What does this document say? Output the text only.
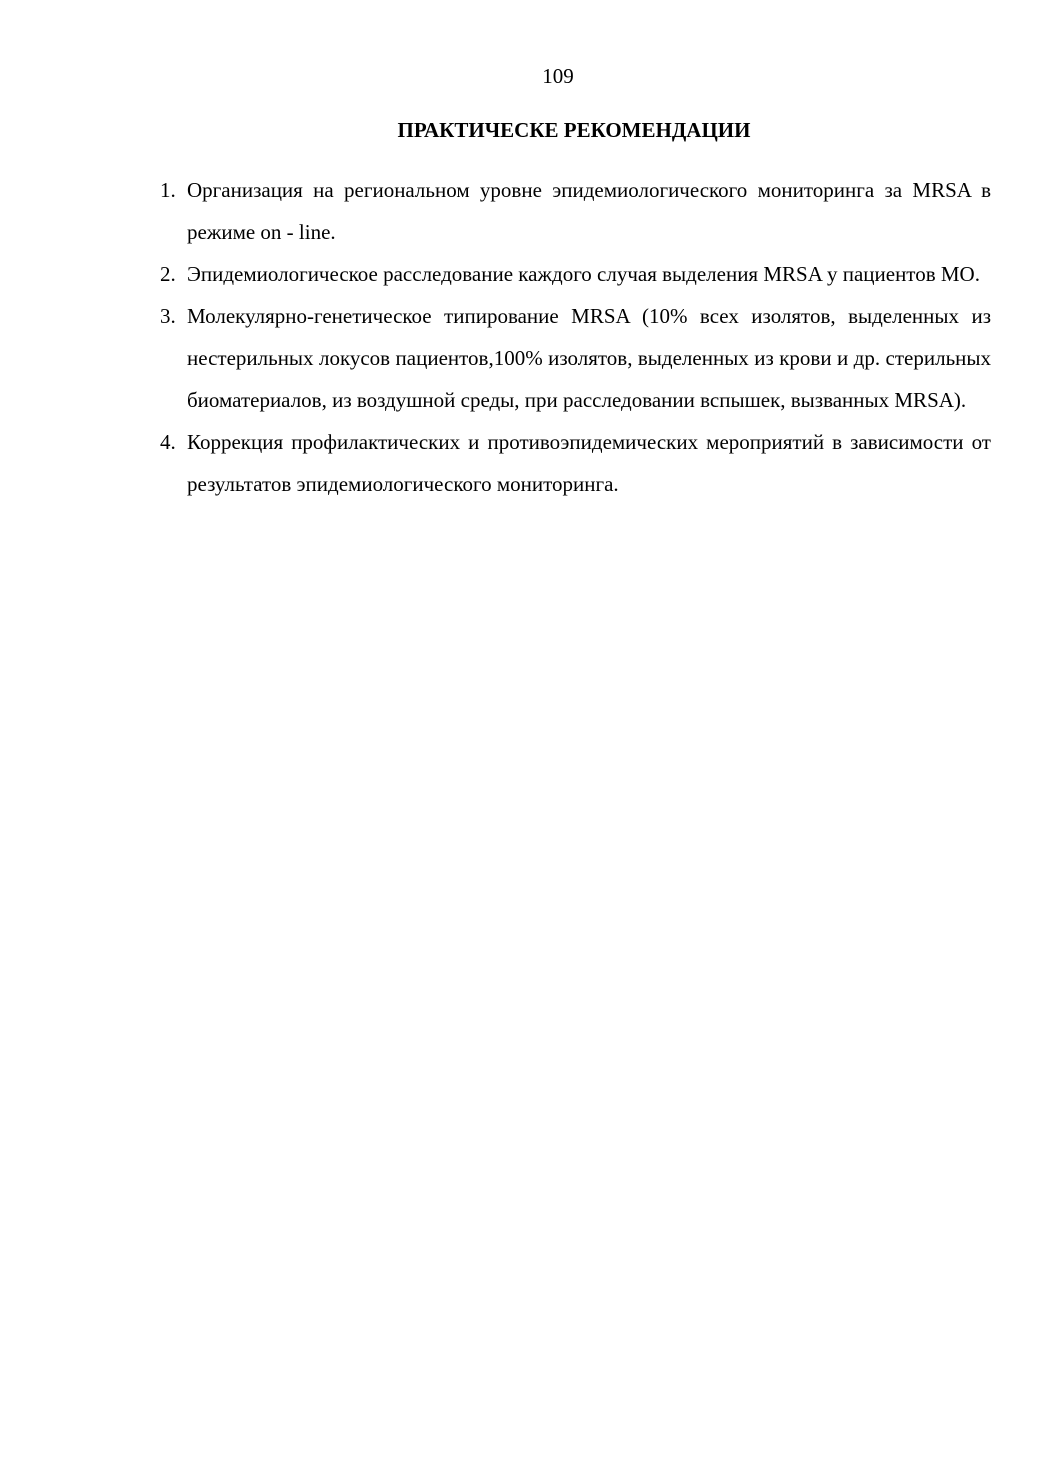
109
ПРАКТИЧЕСКЕ РЕКОМЕНДАЦИИ
1. Организация на региональном уровне эпидемиологического мониторинга за MRSA в режиме on - line.
2. Эпидемиологическое расследование каждого случая выделения MRSA у пациентов МО.
3. Молекулярно-генетическое типирование MRSA (10% всех изолятов, выделенных из нестерильных локусов пациентов,100% изолятов, выделенных из крови и др. стерильных биоматериалов, из воздушной среды, при расследовании вспышек, вызванных MRSA).
4. Коррекция профилактических и противоэпидемических мероприятий в зависимости от результатов эпидемиологического мониторинга.
